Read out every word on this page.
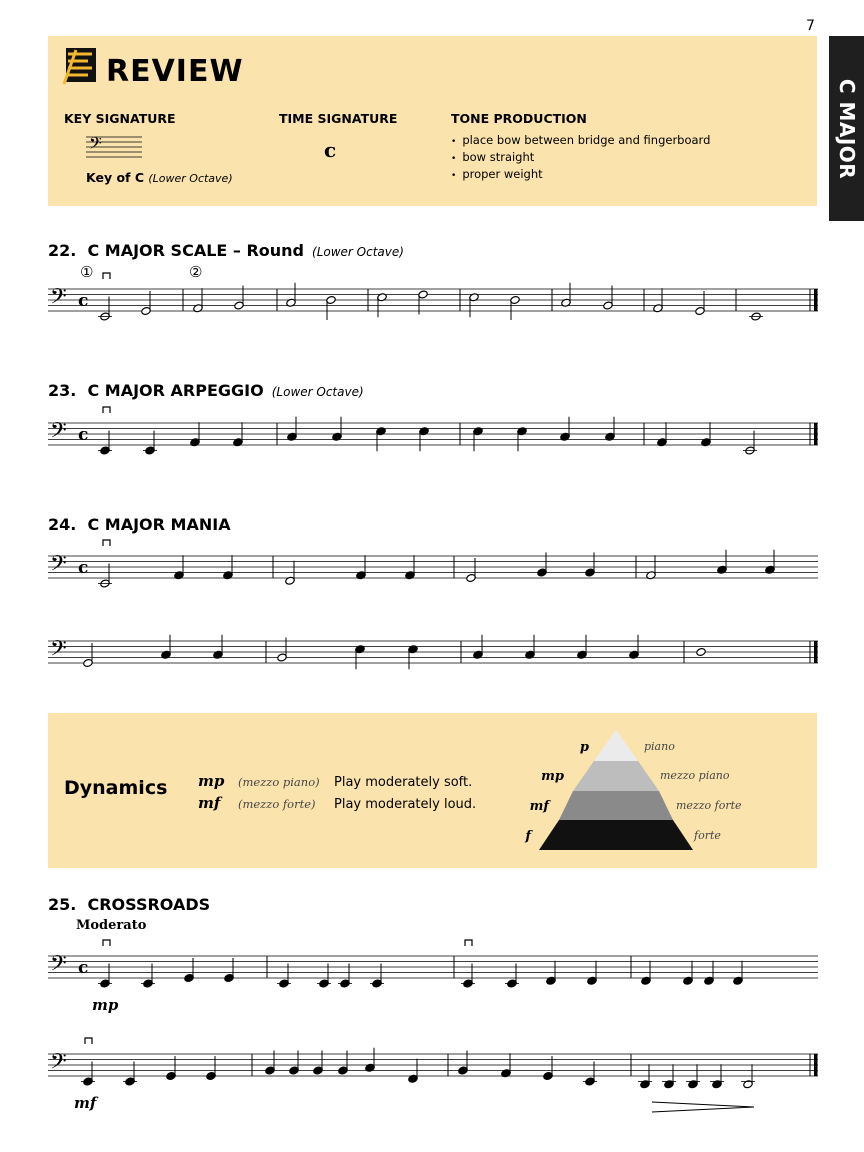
7
C MAJOR
REVIEW
KEY SIGNATURE
𝄢
Key of C (Lower Octave)
TIME SIGNATURE
c
TONE PRODUCTION
• place bow between bridge and fingerboard
• bow straight
• proper weight
22. C MAJOR SCALE – Round (Lower Octave)
①	②
𝄢 c
23. C MAJOR ARPEGGIO (Lower Octave)
𝄢 c
24. C MAJOR MANIA
𝄢 c
𝄢
Dynamics mp (mezzo piano) Play moderately soft.
mf (mezzo forte) Play moderately loud.
p
mp
mf
f
piano
mezzo piano
mezzo forte
forte
25. CROSSROADS
Moderato
𝄢 c
mp
𝄢
mf
